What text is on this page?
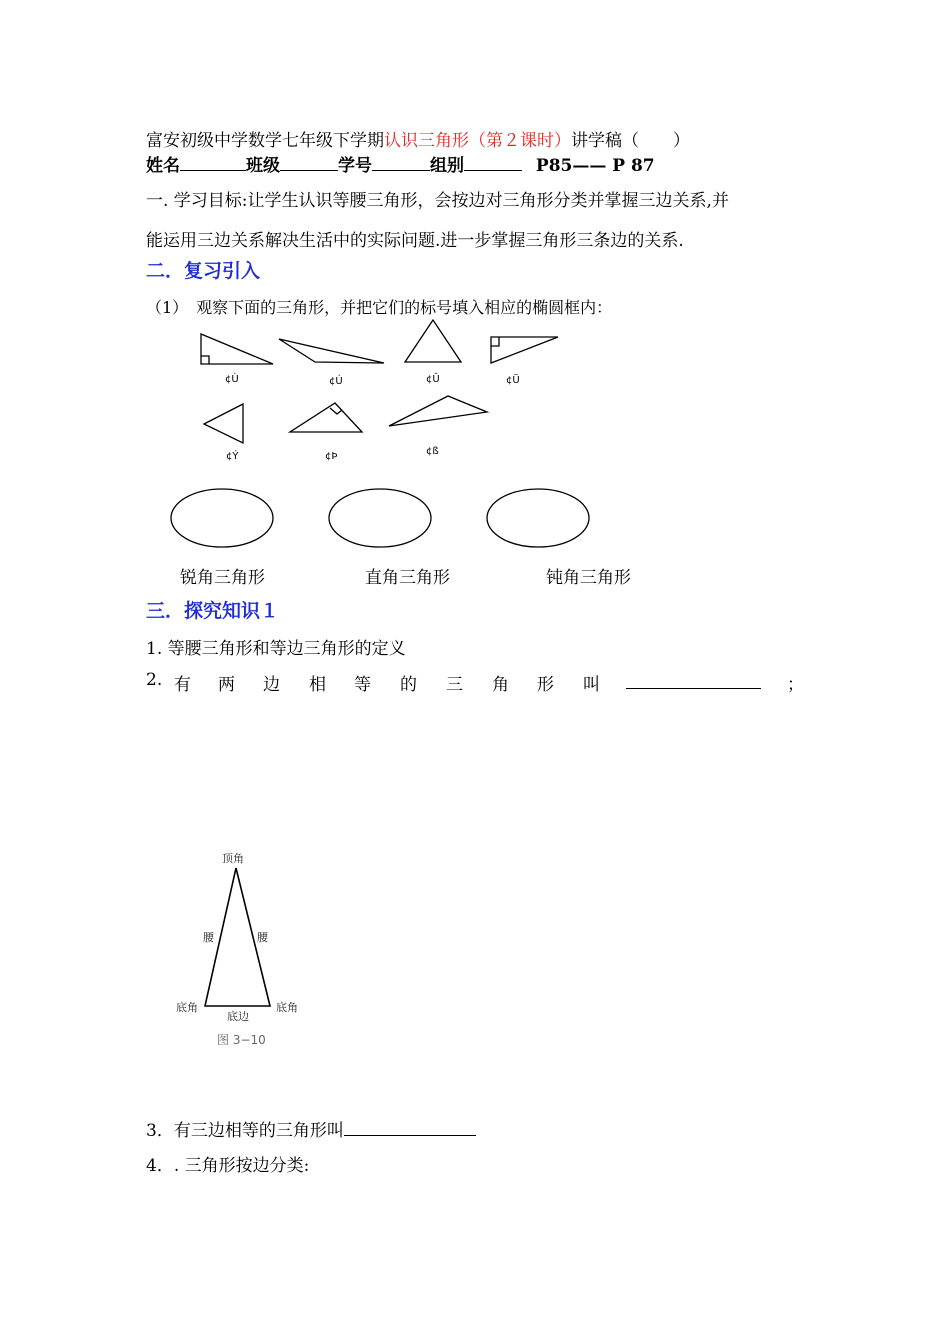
富安初级中学数学七年级下学期认识三角形（第２课时）讲学稿（　　）
姓名	班级	学号	组别	P85—— P 87
一. 学习目标:让学生认识等腰三角形，会按边对三角形分类并掌握三边关系,并
能运用三边关系解决生活中的实际问题.进一步掌握三角形三条边的关系.
二．复习引入
（1）　观察下面的三角形，并把它们的标号填入相应的椭圆框内：
¢Ù	¢Ú	¢Û	¢Ü
¢Ý	¢Þ	¢ß
锐角三角形	直角三角形	钝角三角形
三．探究知识１
1. 等腰三角形和等边三角形的定义
2. 有 两 边 相 等 的 三 角 形 叫	；
顶角
腰	腰
底角	底角
底边
图 3−10
3．有三边相等的三角形叫
4．. 三角形按边分类:
